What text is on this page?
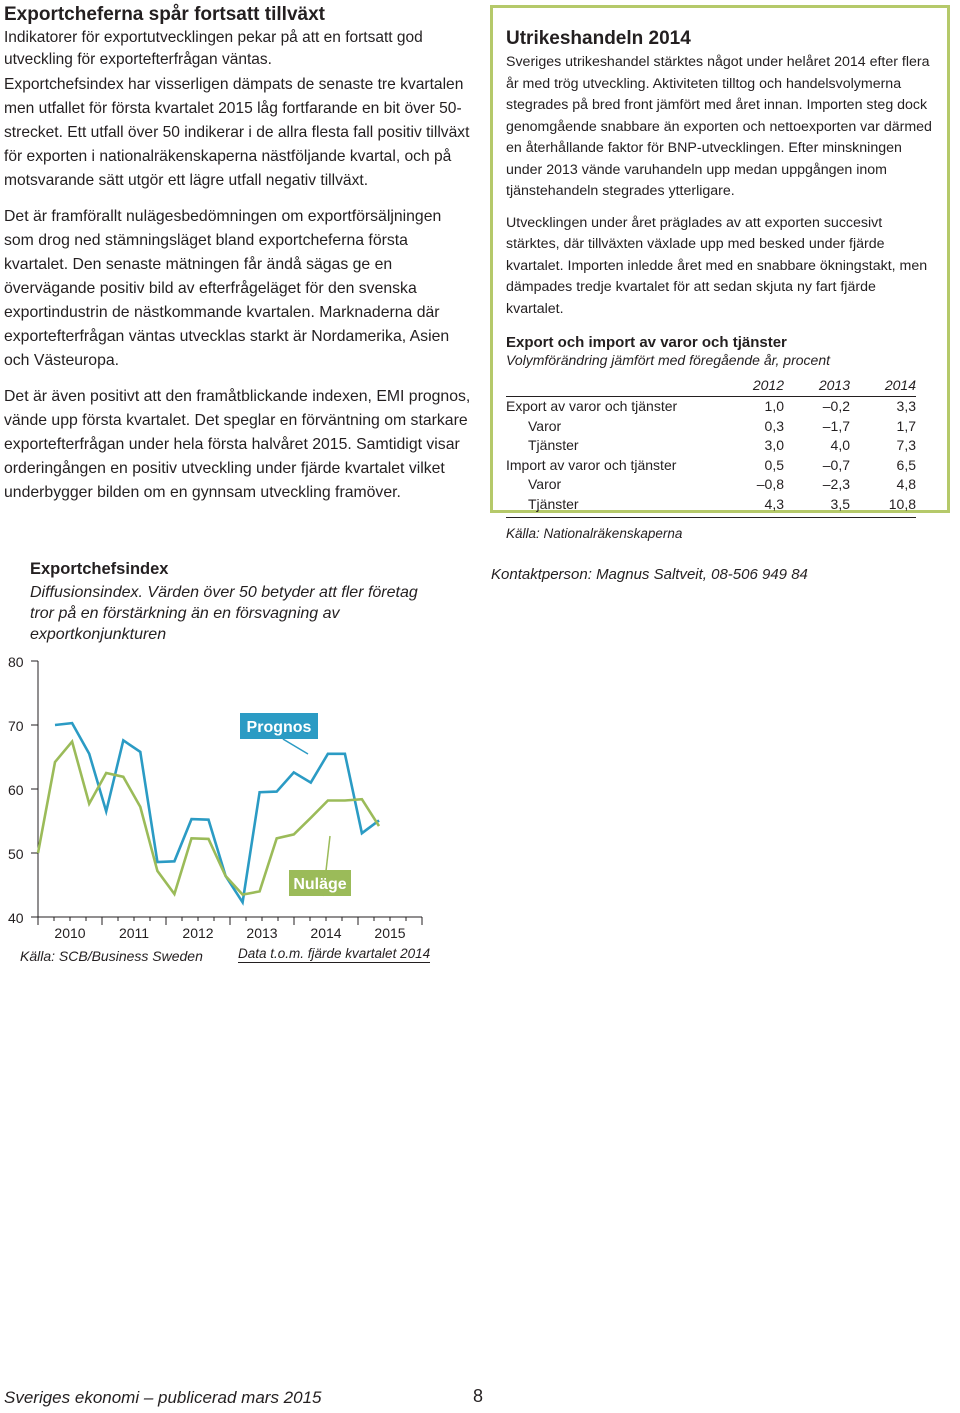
Exportcheferna spår fortsatt tillväxt

Indikatorer för exportutvecklingen pekar på att en fortsatt god utveckling för exportefterfrågan väntas.

Exportchefsindex har visserligen dämpats de senaste tre kvartalen men utfallet för första kvartalet 2015 låg fortfarande en bit över 50-strecket. Ett utfall över 50 indikerar i de allra flesta fall positiv tillväxt för exporten i nationalräkenskaperna nästföljande kvartal, och på motsvarande sätt utgör ett lägre utfall negativ tillväxt.

Det är framförallt nulägesbedömningen om exportförsäljningen som drog ned stämningsläget bland exportcheferna första kvartalet. Den senaste mätningen får ändå sägas ge en övervägande positiv bild av efterfrågeläget för den svenska exportindustrin de nästkommande kvartalen. Marknaderna där exportefterfrågan väntas utvecklas starkt är Nordamerika, Asien och Västeuropa.

Det är även positivt att den framåtblickande indexen, EMI prognos, vände upp första kvartalet. Det speglar en förväntning om starkare exportefterfrågan under hela första halvåret 2015. Samtidigt visar orderingången en positiv utveckling under fjärde kvartalet vilket underbygger bilden om en gynnsam utveckling framöver.

40
50
60
70
80
2010 2011 2012 2013 2014 2015
Prognos
Nuläge
Exportchefsindex
Diffusionsindex. Värden över 50 betyder att fler företag tror på en förstärkning än en försvagning av exportkonjunkturen
Källa: SCB/Business Sweden	Data t.o.m. fjärde kvartalet 2014
Utrikeshandeln 2014

Sveriges utrikeshandel stärktes något under helåret 2014 efter flera år med trög utveckling. Aktiviteten tilltog och handelsvolymerna stegrades på bred front jämfört med året innan. Importen steg dock genomgående snabbare än exporten och nettoexporten var därmed en återhållande faktor för BNP-utvecklingen. Efter minskningen under 2013 vände varuhandeln upp medan uppgången inom tjänstehandeln stegrades ytterligare.

Utvecklingen under året präglades av att exporten succesivt stärktes, där tillväxten växlade upp med besked under fjärde kvartalet. Importen inledde året med en snabbare ökningstakt, men dämpades tredje kvartalet för att sedan skjuta ny fart fjärde kvartalet.

Export och import av varor och tjänster
Volymförändring jämfört med föregående år, procent
	2012	2013	2014
Export av varor och tjänster	1,0	–0,2	3,3
Varor	0,3	–1,7	1,7
Tjänster	3,0	4,0	7,3
Import av varor och tjänster	0,5	–0,7	6,5
Varor	–0,8	–2,3	4,8
Tjänster	4,3	3,5	10,8
Källa: Nationalräkenskaperna
Kontaktperson: Magnus Saltveit, 08-506 949 84
Sveriges ekonomi – publicerad mars 2015	8
